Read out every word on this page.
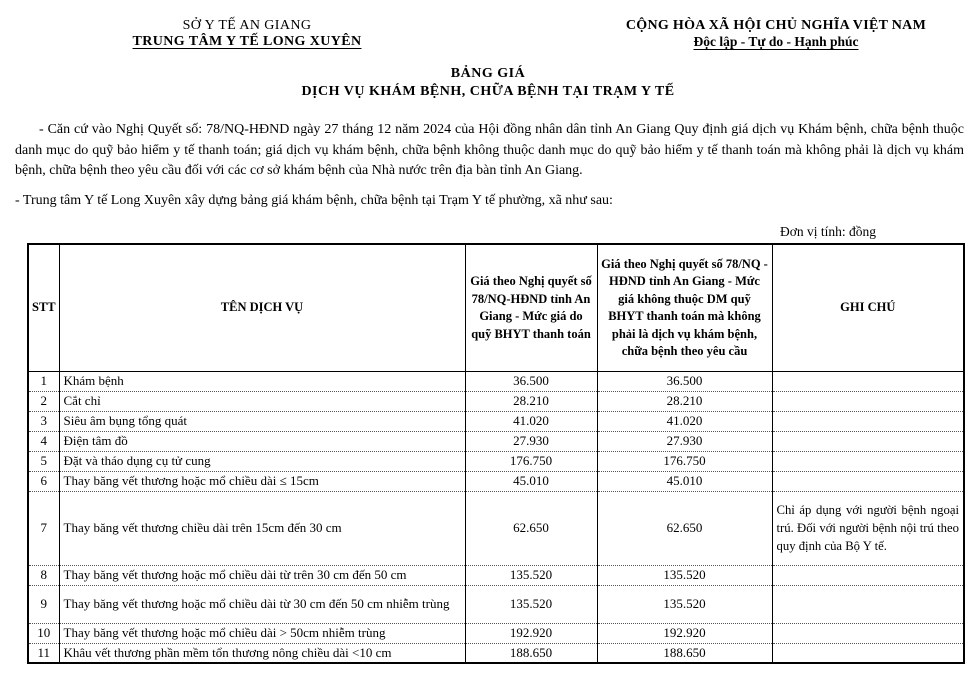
SỞ Y TẾ AN GIANG
TRUNG TÂM Y TẾ LONG XUYÊN
CỘNG HÒA XÃ HỘI CHỦ NGHĨA VIỆT NAM
Độc lập - Tự do - Hạnh phúc
BẢNG GIÁ
DỊCH VỤ KHÁM BỆNH, CHỮA BỆNH TẠI TRẠM Y TẾ

- Căn cứ vào Nghị Quyết số: 78/NQ-HĐND ngày 27 tháng 12 năm 2024 của Hội đồng nhân dân tỉnh An Giang Quy định giá dịch vụ Khám bệnh, chữa bệnh thuộc danh mục do quỹ bảo hiểm y tế thanh toán; giá dịch vụ khám bệnh, chữa bệnh không thuộc danh mục do quỹ bảo hiểm y tế thanh toán mà không phải là dịch vụ khám bệnh, chữa bệnh theo yêu cầu đối với các cơ sở khám bệnh của Nhà nước trên địa bàn tỉnh An Giang.

- Trung tâm Y tế Long Xuyên xây dựng bảng giá khám bệnh, chữa bệnh tại Trạm Y tế phường, xã như sau:

Đơn vị tính: đồng
STT	TÊN DỊCH VỤ	Giá theo Nghị quyết số 78/NQ-HĐND tỉnh An Giang - Mức giá do quỹ BHYT thanh toán	Giá theo Nghị quyết số 78/NQ - HĐND tỉnh An Giang - Mức giá không thuộc DM quỹ BHYT thanh toán mà không phải là dịch vụ khám bệnh, chữa bệnh theo yêu cầu	GHI CHÚ
1	Khám bệnh	36.500	36.500	
2	Cắt chỉ	28.210	28.210	
3	Siêu âm bụng tổng quát	41.020	41.020	
4	Điện tâm đồ	27.930	27.930	
5	Đặt và tháo dụng cụ tử cung	176.750	176.750	
6	Thay băng vết thương hoặc mổ chiều dài ≤ 15cm	45.010	45.010	
7	Thay băng vết thương chiều dài trên 15cm đến 30 cm	62.650	62.650	Chỉ áp dụng với người bệnh ngoại trú. Đối với người bệnh nội trú theo quy định của Bộ Y tế.
8	Thay băng vết thương hoặc mổ chiều dài từ trên 30 cm đến 50 cm	135.520	135.520	
9	Thay băng vết thương hoặc mổ chiều dài từ 30 cm đến 50 cm nhiễm trùng	135.520	135.520	
10	Thay băng vết thương hoặc mổ chiều dài > 50cm nhiễm trùng	192.920	192.920	
11	Khâu vết thương phần mềm tổn thương nông chiều dài <10 cm	188.650	188.650	
